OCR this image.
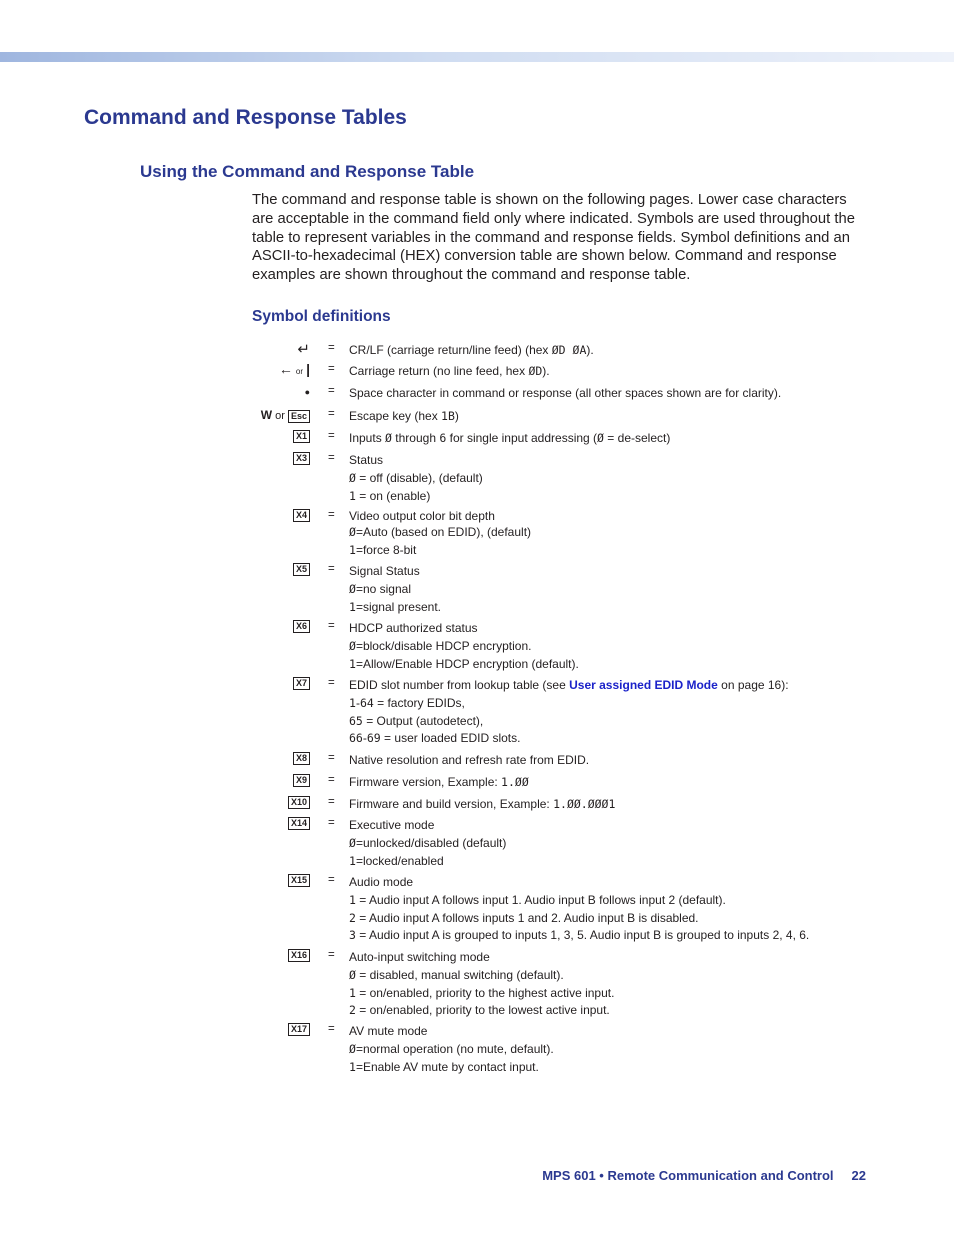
Command and Response Tables
Using the Command and Response Table

The command and response table is shown on the following pages. Lower case characters are acceptable in the command field only where indicated. Symbols are used throughout the table to represent variables in the command and response fields. Symbol definitions and an ASCII-to-hexadecimal (HEX) conversion table are shown below. Command and response examples are shown throughout the command and response table.

Symbol definitions
↵ = CR/LF (carriage return/line feed) (hex ØD ØA).
← or | = Carriage return (no line feed, hex ØD).
● = Space character in command or response (all other spaces shown are for clarity).
W or Esc = Escape key (hex 1B)
X1 = Inputs Ø through 6 for single input addressing (Ø = de-select)
X3 = Status
Ø = off (disable), (default)
1 = on (enable)
X4 = Video output color bit depth
Ø=Auto (based on EDID), (default)
1=force 8-bit
X5 = Signal Status
Ø=no signal
1=signal present.
X6 = HDCP authorized status
Ø=block/disable HDCP encryption.
1=Allow/Enable HDCP encryption (default).
X7 = EDID slot number from lookup table (see User assigned EDID Mode on page 16):
1-64 = factory EDIDs,
65 = Output (autodetect),
66-69 = user loaded EDID slots.
X8 = Native resolution and refresh rate from EDID.
X9 = Firmware version, Example: 1.ØØ
X10 = Firmware and build version, Example: 1.ØØ.ØØØ1
X14 = Executive mode
Ø=unlocked/disabled (default)
1=locked/enabled
X15 = Audio mode
1 = Audio input A follows input 1. Audio input B follows input 2 (default).
2 = Audio input A follows inputs 1 and 2. Audio input B is disabled.
3 = Audio input A is grouped to inputs 1, 3, 5. Audio input B is grouped to inputs 2, 4, 6.
X16 = Auto-input switching mode
Ø = disabled, manual switching (default).
1 = on/enabled, priority to the highest active input.
2 = on/enabled, priority to the lowest active input.
X17 = AV mute mode
Ø=normal operation (no mute, default).
1=Enable AV mute by contact input.
MPS 601 • Remote Communication and Control 22
